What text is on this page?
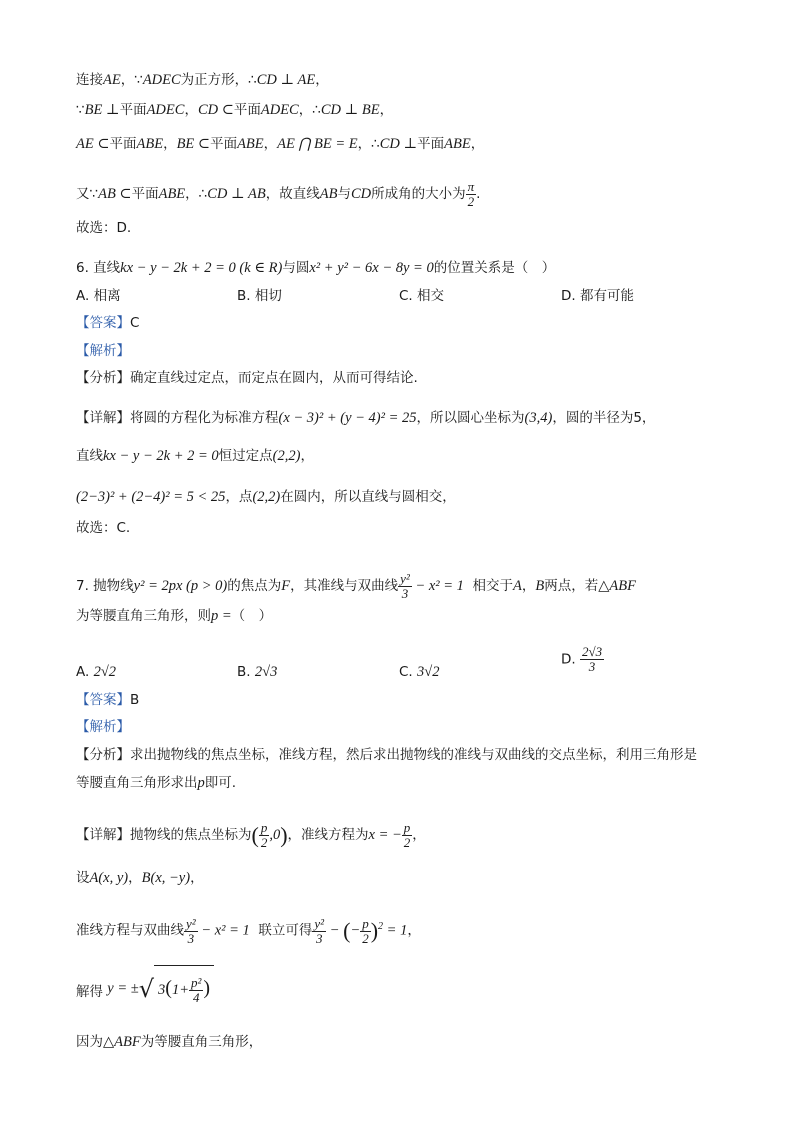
连接AE，∵ADEC为正方形，∴CD ⊥ AE，
∵BE ⊥平面ADEC，CD ⊂平面ADEC，∴CD ⊥ BE，
AE ⊂平面ABE，BE ⊂平面ABE，AE ⋂ BE = E，∴CD ⊥平面ABE，
又∵AB ⊂平面ABE，∴CD ⊥ AB，故直线AB与CD所成角的大小为 $\frac{\pi}{2}$ .
故选：D.
6. 直线kx − y − 2k + 2 = 0 (k ∈ R)与圆x² + y² − 6x − 8y = 0的位置关系是（　）
A. 相离	B. 相切	C. 相交	D. 都有可能
【答案】C
【解析】
【分析】确定直线过定点，而定点在圆内，从而可得结论.
【详解】将圆的方程化为标准方程(x − 3)² + (y − 4)² = 25，所以圆心坐标为(3,4)，圆的半径为5，
直线kx − y − 2k + 2 = 0恒过定点(2,2)，
(2−3)² + (2−4)² = 5 < 25，点(2,2)在圆内，所以直线与圆相交，
故选：C.
7. 抛物线y² = 2px (p > 0)的焦点为F，其准线与双曲线 $\frac{\text{y²}}{3} - x^2 = 1$ 相交于A，B两点，若△ABF
为等腰直角三角形，则p =（　）
A. 2√2	B. 2√3	C. 3√2
D. $\frac{2√3}{3}$
【答案】B
【解析】
【分析】求出抛物线的焦点坐标，准线方程，然后求出抛物线的准线与双曲线的交点坐标，利用三角形是
等腰直角三角形求出p即可.
【详解】抛物线的焦点坐标为( $\frac{p}{2} ,0$)，准线方程为x = − $\frac{p}{2}$ ，
设A(x, y)，B(x, −y)，
准线方程与双曲线 $\frac{\text{y²}}{3} - x^2 = 1$ 联立可得 $\frac{\text{y²}}{3}$ − (− $\frac{p}{2} )^2 = 1$，
解得 y = ±√ $3(1+ \frac{\text{p²}}{4}$ )
因为△ABF为等腰直角三角形，
